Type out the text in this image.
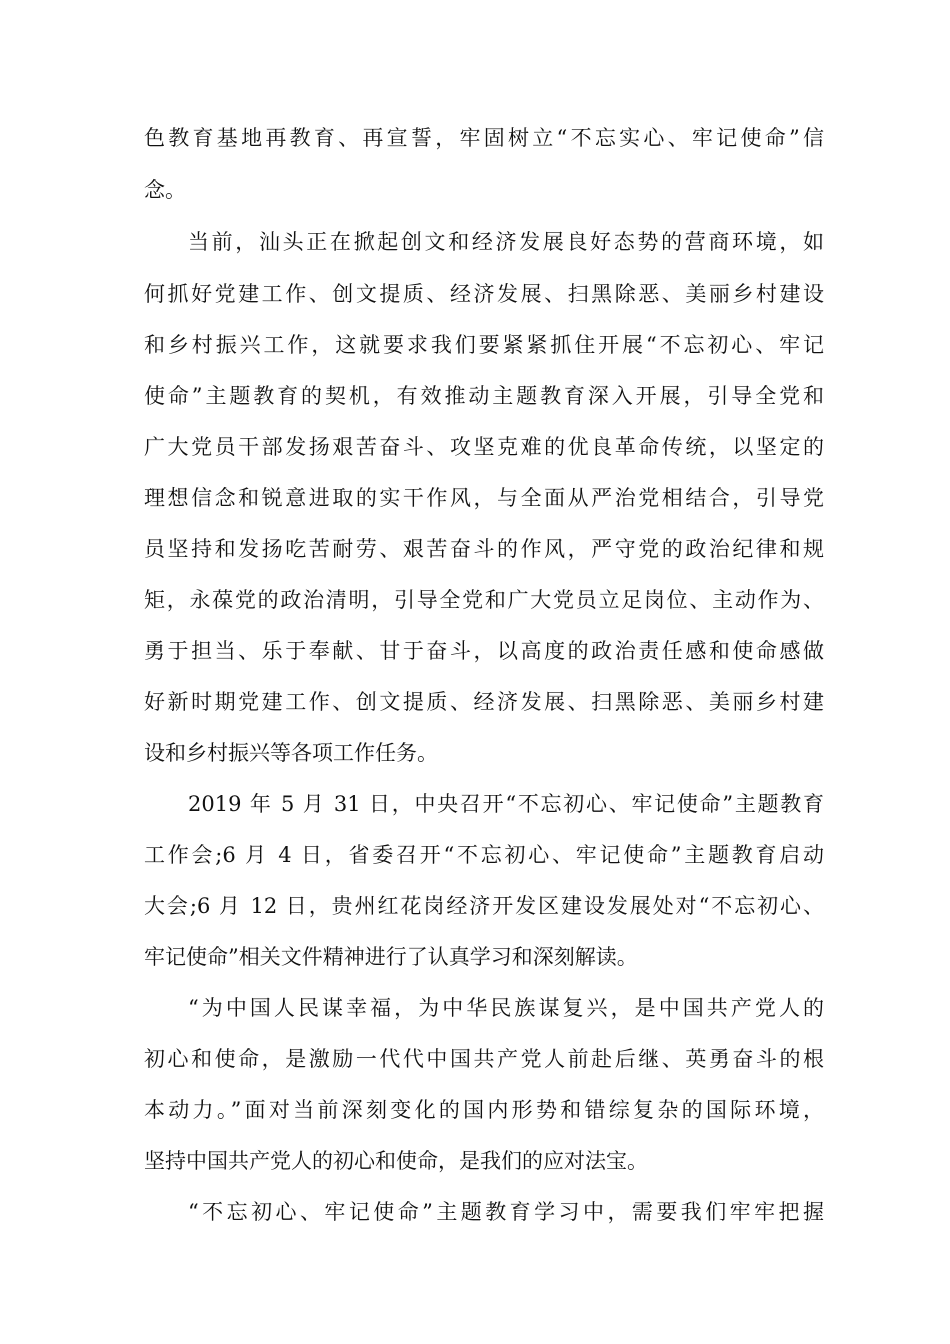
色教育基地再教育、再宣誓，牢固树立“不忘实心、牢记使命”信
念。
当前，汕头正在掀起创文和经济发展良好态势的营商环境，如
何抓好党建工作、创文提质、经济发展、扫黑除恶、美丽乡村建设
和乡村振兴工作，这就要求我们要紧紧抓住开展“不忘初心、牢记
使命”主题教育的契机，有效推动主题教育深入开展，引导全党和
广大党员干部发扬艰苦奋斗、攻坚克难的优良革命传统，以坚定的
理想信念和锐意进取的实干作风，与全面从严治党相结合，引导党
员坚持和发扬吃苦耐劳、艰苦奋斗的作风，严守党的政治纪律和规
矩，永葆党的政治清明，引导全党和广大党员立足岗位、主动作为、
勇于担当、乐于奉献、甘于奋斗，以高度的政治责任感和使命感做
好新时期党建工作、创文提质、经济发展、扫黑除恶、美丽乡村建
设和乡村振兴等各项工作任务。
2019 年 5 月 31 日，中央召开“不忘初心、牢记使命”主题教育
工作会;6 月 4 日，省委召开“不忘初心、牢记使命”主题教育启动
大会;6 月 12 日，贵州红花岗经济开发区建设发展处对“不忘初心、
牢记使命”相关文件精神进行了认真学习和深刻解读。
“为中国人民谋幸福，为中华民族谋复兴，是中国共产党人的
初心和使命，是激励一代代中国共产党人前赴后继、英勇奋斗的根
本动力。”面对当前深刻变化的国内形势和错综复杂的国际环境，
坚持中国共产党人的初心和使命，是我们的应对法宝。
“不忘初心、牢记使命”主题教育学习中，需要我们牢牢把握
